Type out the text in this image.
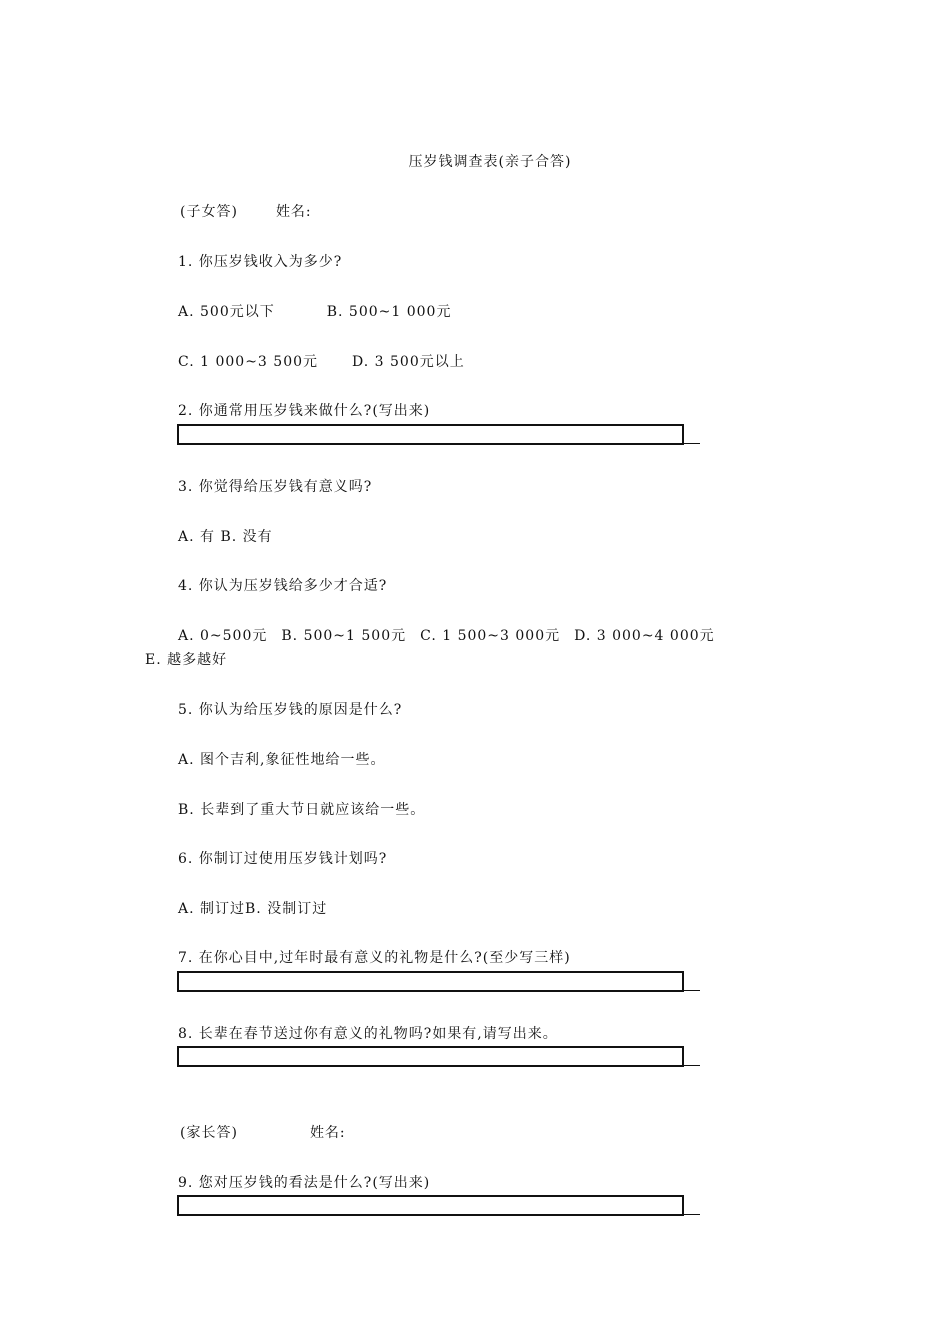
压岁钱调查表(亲子合答)
(子女答)	姓名:
1. 你压岁钱收入为多少?
A. 500元以下	B. 500~1 000元
C. 1 000~3 500元 D. 3 500元以上
2. 你通常用压岁钱来做什么?(写出来)
3. 你觉得给压岁钱有意义吗?
A. 有 B. 没有
4. 你认为压岁钱给多少才合适?
A. 0~500元 B. 500~1 500元 C. 1 500~3 000元 D. 3 000~4 000元
E. 越多越好
5. 你认为给压岁钱的原因是什么?
A. 图个吉利,象征性地给一些。
B. 长辈到了重大节日就应该给一些。
6. 你制订过使用压岁钱计划吗?
A. 制订过B. 没制订过
7. 在你心目中,过年时最有意义的礼物是什么?(至少写三样)
8. 长辈在春节送过你有意义的礼物吗?如果有,请写出来。
(家长答)	姓名:
9. 您对压岁钱的看法是什么?(写出来)
